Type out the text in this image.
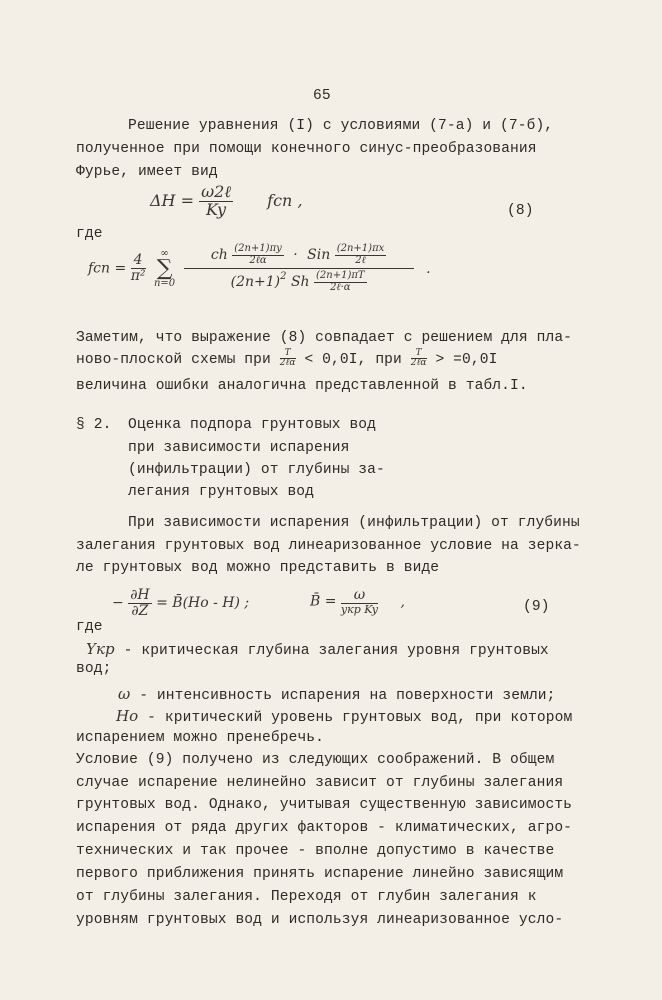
65
Решение уравнения (I) с условиями (7-а) и (7-б),
полученное при помощи конечного синус-преобразования
Фурье, имеет вид
$\Delta H = \frac{\text{ω2ℓ}}{Ky}$ fcn ,
(8)
где
fcn = $\frac{4}{\text{π²}}$

∞
∑
n=0

ch $\frac{(2n+1)\pi y}{\text{2ℓα}}$ · Sin $\frac{(2n+1)\pi x}{\text{2ℓ}}$
$(2n+1)^2$ Sh $\frac{(2n+1)\pi T}{\text{2ℓ·α}}$
.
Заметим, что выражение (8) совпадает с решением для пла-
ново-плоской схемы при $\frac{T}{\text{2ℓα}} < 0,0I$, при $\frac{T}{\text{2ℓα}} > =0,0I$
величина ошибки аналогична представленной в табл.I.
§ 2. Оценка подпора грунтовых вод
при зависимости испарения
(инфильтрации) от глубины за-
легания грунтовых вод
При зависимости испарения (инфильтрации) от глубины
залегания грунтовых вод линеаризованное условие на зерка-
ле грунтовых вод можно представить в виде
− $\frac{\partial H}{\partial Z}$ = B̄(Ho - H) ;	B̄ = $\frac{\omega}{\text{yкр Ky}}$ ,	(9)
где
Yкр - критическая глубина залегания уровня грунтовых
вод;
ω - интенсивность испарения на поверхности земли;
Ho - критический уровень грунтовых вод, при котором
испарением можно пренебречь.
Условие (9) получено из следующих соображений. В общем
случае испарение нелинейно зависит от глубины залегания
грунтовых вод. Однако, учитывая существенную зависимость
испарения от ряда других факторов - климатических, агро-
технических и так прочее - вполне допустимо в качестве
первого приближения принять испарение линейно зависящим
от глубины залегания. Переходя от глубин залегания к
уровням грунтовых вод и используя линеаризованное усло-
